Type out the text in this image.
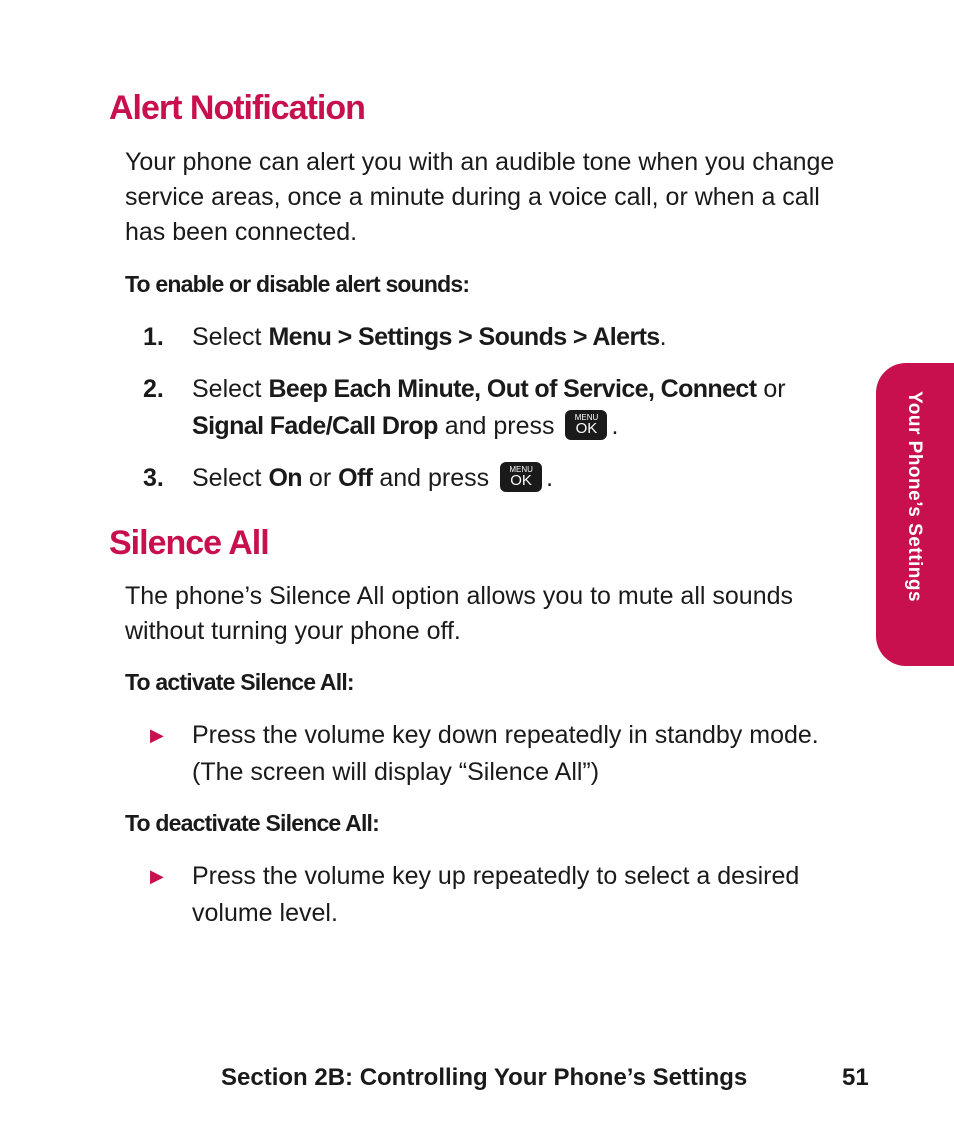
Alert Notification

Your phone can alert you with an audible tone when you change service areas, once a minute during a voice call, or when a call has been connected.

To enable or disable alert sounds:

1. Select Menu > Settings > Sounds > Alerts.
2. Select Beep Each Minute, Out of Service, Connect or
Signal Fade/Call Drop and press	MENU
OK .
3. Select On or Off and press	MENU
OK .
Silence All

The phone’s Silence All option allows you to mute all sounds without turning your phone off.

To activate Silence All:

▶ Press the volume key down repeatedly in standby mode. (The screen will display “Silence All”)

To deactivate Silence All:

▶ Press the volume key up repeatedly to select a desired volume level.
Your Phone’s Settings
Section 2B: Controlling Your Phone’s Settings	51
